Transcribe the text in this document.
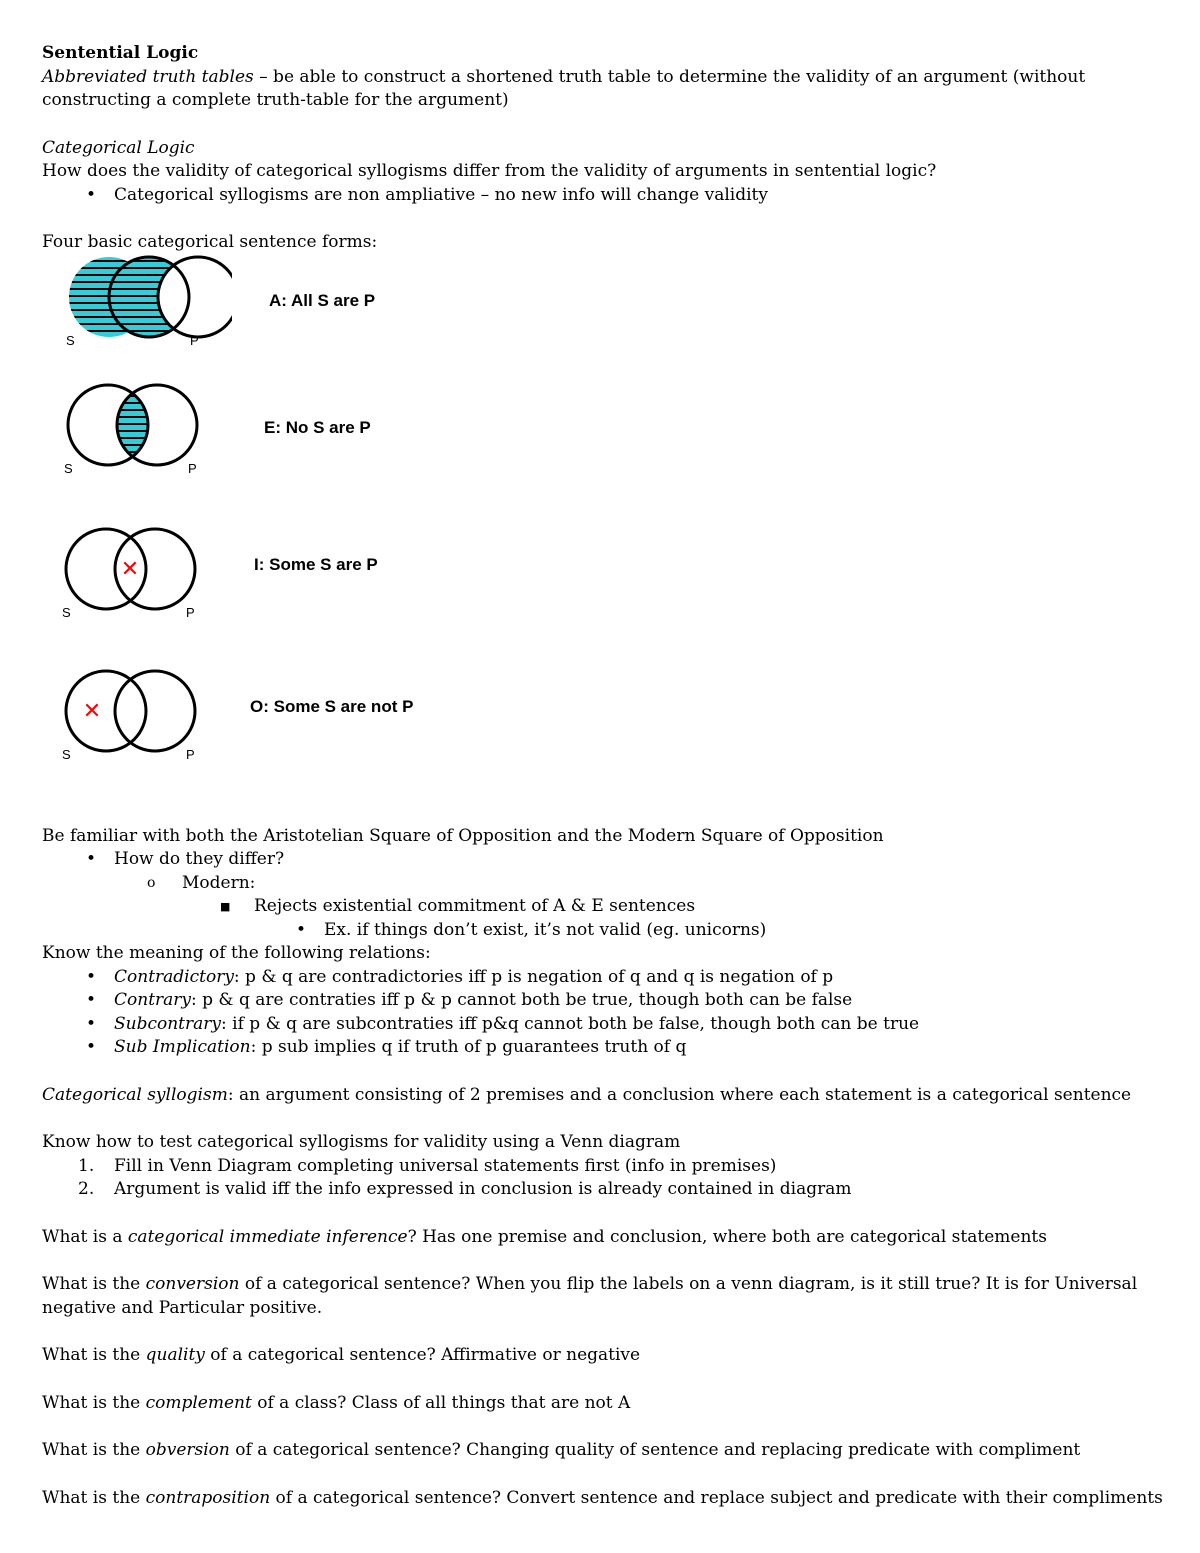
Sentential Logic

Abbreviated truth tables – be able to construct a shortened truth table to determine the validity of an argument (without

constructing a complete truth-table for the argument)

Categorical Logic

How does the validity of categorical syllogisms differ from the validity of arguments in sentential logic?

• Categorical syllogisms are non ampliative – no new info will change validity

Four basic categorical sentence forms:

S	P
A: All S are P
S	P
E: No S are P
✕
S	P
I: Some S are P
✕
S	P
O: Some S are not P

Be familiar with both the Aristotelian Square of Opposition and the Modern Square of Opposition

• How do they differ?
o Modern:
■ Rejects existential commitment of A & E sentences
• Ex. if things don’t exist, it’s not valid (eg. unicorns)

Know the meaning of the following relations:

• Contradictory: p & q are contradictories iff p is negation of q and q is negation of p
• Contrary: p & q are contraties iff p & p cannot both be true, though both can be false
• Subcontrary: if p & q are subcontraties iff p&q cannot both be false, though both can be true
• Sub Implication: p sub implies q if truth of p guarantees truth of q

Categorical syllogism: an argument consisting of 2 premises and a conclusion where each statement is a categorical sentence

Know how to test categorical syllogisms for validity using a Venn diagram

1. Fill in Venn Diagram completing universal statements first (info in premises)
2. Argument is valid iff the info expressed in conclusion is already contained in diagram

What is a categorical immediate inference? Has one premise and conclusion, where both are categorical statements

What is the conversion of a categorical sentence? When you flip the labels on a venn diagram, is it still true? It is for Universal

negative and Particular positive.

What is the quality of a categorical sentence? Affirmative or negative

What is the complement of a class? Class of all things that are not A

What is the obversion of a categorical sentence? Changing quality of sentence and replacing predicate with compliment

What is the contraposition of a categorical sentence? Convert sentence and replace subject and predicate with their compliments
